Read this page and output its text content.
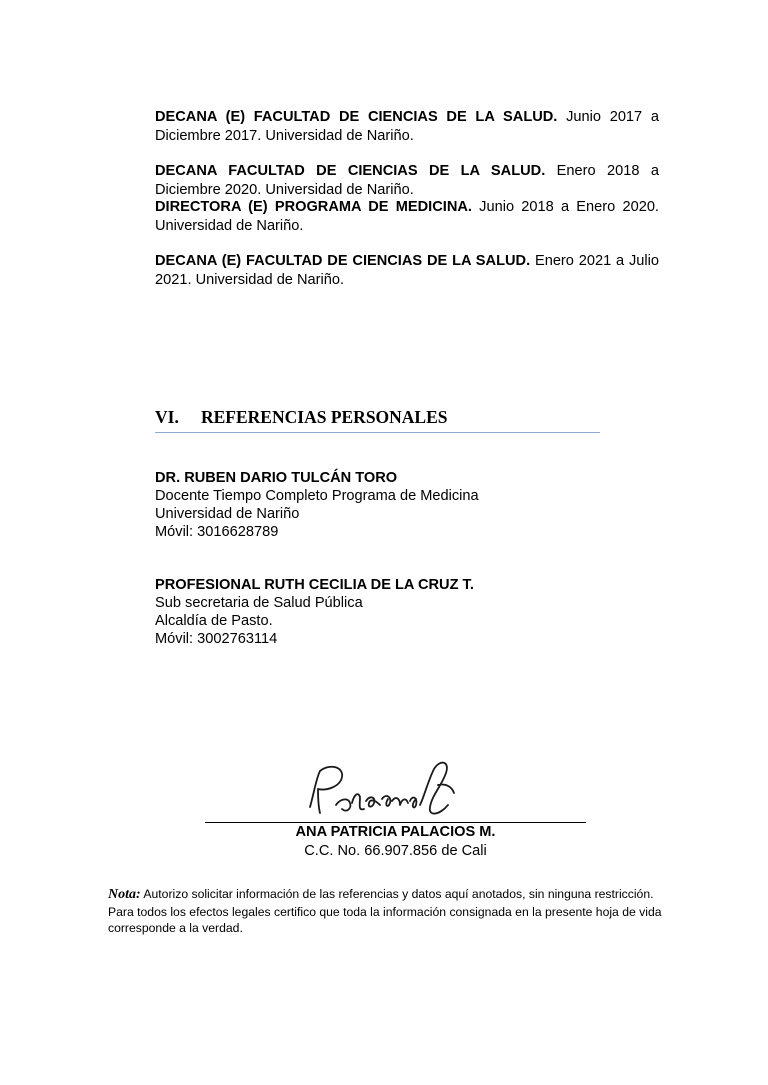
DECANA (E) FACULTAD DE CIENCIAS DE LA SALUD. Junio 2017 a Diciembre 2017. Universidad de Nariño.
DECANA FACULTAD DE CIENCIAS DE LA SALUD. Enero 2018 a Diciembre 2020. Universidad de Nariño.
DIRECTORA (E) PROGRAMA DE MEDICINA. Junio 2018 a Enero 2020. Universidad de Nariño.
DECANA (E) FACULTAD DE CIENCIAS DE LA SALUD. Enero 2021 a Julio 2021. Universidad de Nariño.
VI. REFERENCIAS PERSONALES
DR. RUBEN DARIO TULCÁN TORO
Docente Tiempo Completo Programa de Medicina
Universidad de Nariño
Móvil: 3016628789
PROFESIONAL RUTH CECILIA DE LA CRUZ T.
Sub secretaria de Salud Pública
Alcaldía de Pasto.
Móvil: 3002763114
ANA PATRICIA PALACIOS M.
C.C. No. 66.907.856 de Cali
Nota: Autorizo solicitar información de las referencias y datos aquí anotados, sin ninguna restricción. Para todos los efectos legales certifico que toda la información consignada en la presente hoja de vida corresponde a la verdad.
